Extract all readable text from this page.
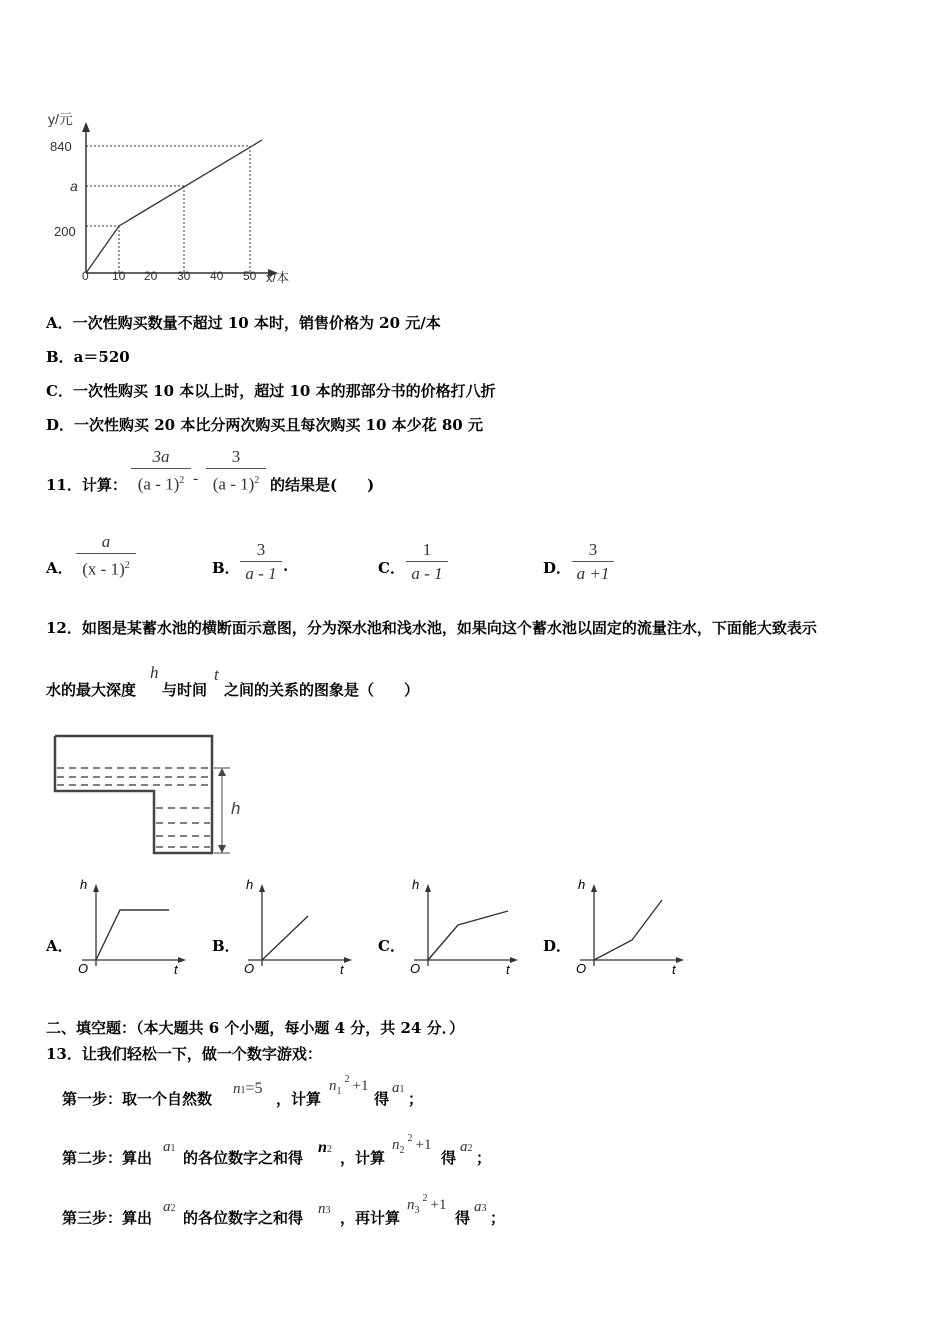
y/元
x/本
840
a
200
0 10 20 30 40 50
A．一次性购买数量不超过 10 本时，销售价格为 20 元/本
B．a＝520
C．一次性购买 10 本以上时，超过 10 本的那部分书的价格打八折
D．一次性购买 20 本比分两次购买且每次购买 10 本少花 80 元
11．计算：
3a
(a - 1)$^2$ -
3
(a - 1)$^2$ 的结果是(　　)
A．
a
(x - 1)$^2$	B．
3
a - 1 .	C．
1
a - 1	D．
3
a +1
12．如图是某蓄水池的横断面示意图，分为深水池和浅水池，如果向这个蓄水池以固定的流量注水，下面能大致表示
水的最大深度
h
与时间
t
之间的关系的图象是（　　）
h
A．
h
O	t
B．
h
O	t
C．
h
O	t
D．
h
O	t
二、填空题：（本大题共 6 个小题，每小题 4 分，共 24 分．）
13．让我们轻松一下，做一个数字游戏：
第一步：取一个自然数
n1=5
，计算
$n_1^2 +1$
得
a1
；
第二步：算出
a1
的各位数字之和得
n2 ，计算
$n_2^2 +1$
得
a2
；
第三步：算出
a2
的各位数字之和得 n3 ，再计算
$n_3^2 +1$
得
a3
；
